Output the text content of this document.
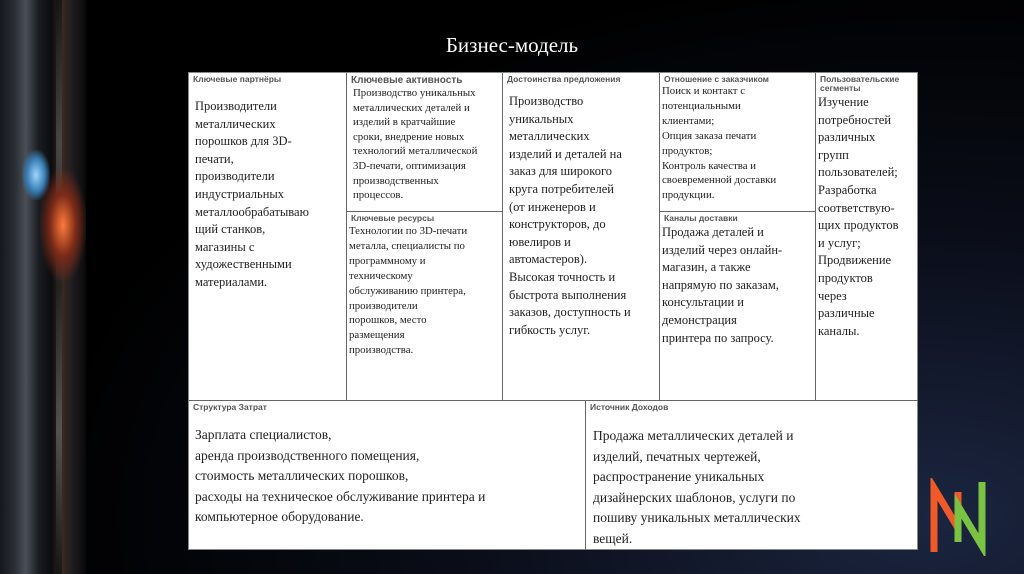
Бизнес-модель
Ключевые партнёры
Производители
металлических
порошков для 3D-
печати,
производители
индустриальных
металлообрабатываю
щий станков,
магазины с
художественными
материалами.
Ключевые активность
Производство уникальных
металлических деталей и
изделий в кратчайшие
сроки, внедрение новых
технологий металлической
3D-печати, оптимизация
производственных
процессов.
Ключевые ресурсы
Технологии по 3D-печати
металла, специалисты по
программному и
техническому
обслуживанию принтера,
производители
порошков, место
размещения
производства.
Достоинства предложения
Производство
уникальных
металлических
изделий и деталей на
заказ для широкого
круга потребителей
(от инженеров и
конструкторов, до
ювелиров и
автомастеров).
Высокая точность и
быстрота выполнения
заказов, доступность и
гибкость услуг.
Отношение с заказчиком
Поиск и контакт с
потенциальными
клиентами;
Опция заказа печати
продуктов;
Контроль качества и
своевременной доставки
продукции.
Каналы доставки
Продажа деталей и
изделий через онлайн-
магазин, а также
напрямую по заказам,
консультации и
демонстрация
принтера по запросу.
Пользовательские
сегменты
Изучение
потребностей
различных
групп
пользователей;
Разработка
соответствую-
щих продуктов
и услуг;
Продвижение
продуктов
через
различные
каналы.
Структура Затрат
Зарплата специалистов,
аренда производственного помещения,
стоимость металлических порошков,
расходы на техническое обслуживание принтера и
компьютерное оборудование.
Источник Доходов
Продажа металлических деталей и
изделий, печатных чертежей,
распространение уникальных
дизайнерских шаблонов, услуги по
пошиву уникальных металлических
вещей.
